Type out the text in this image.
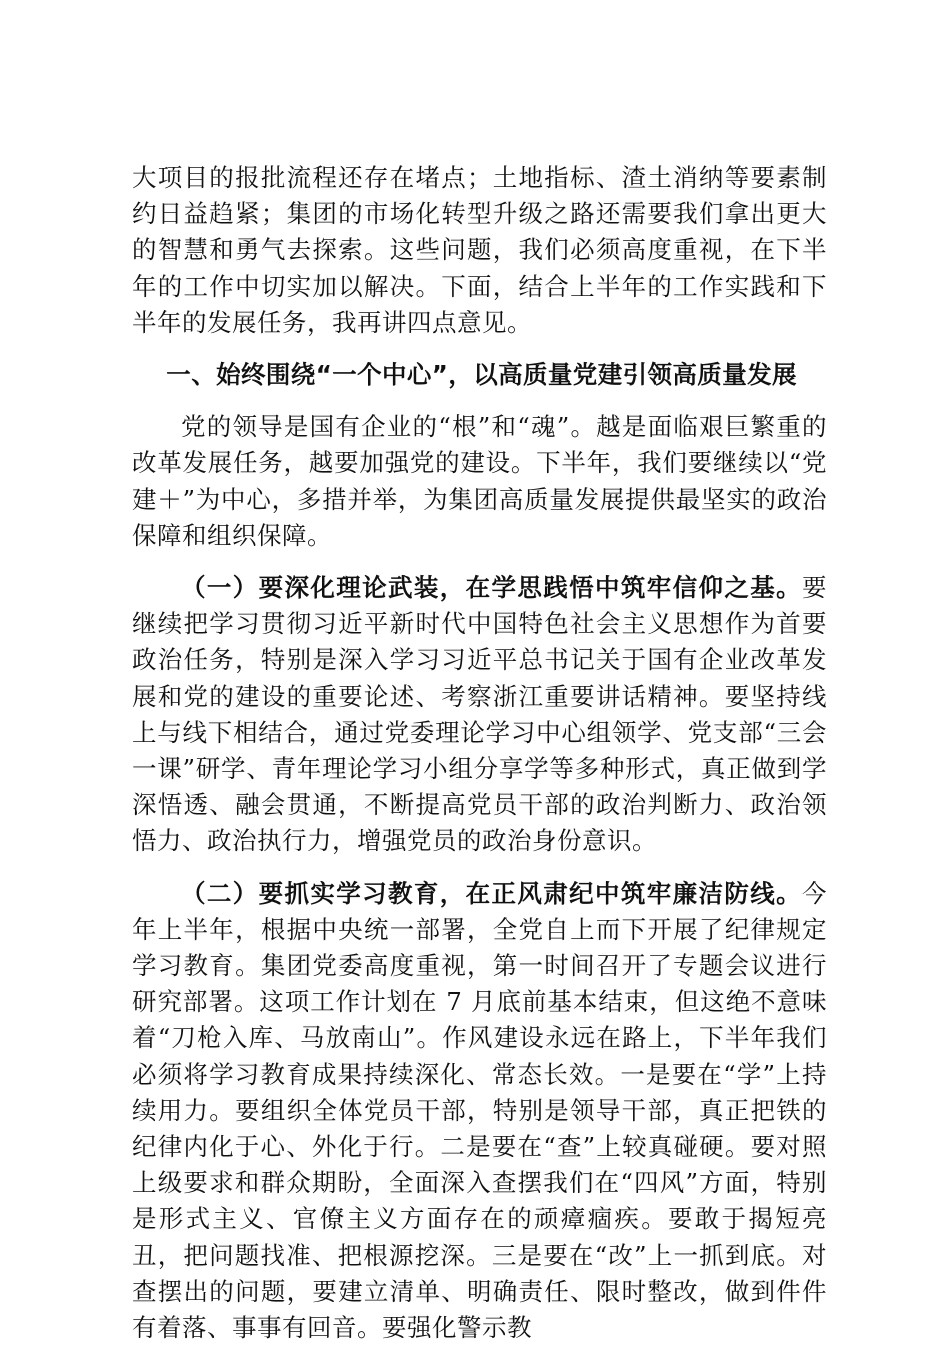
大项目的报批流程还存在堵点；土地指标、渣土消纳等要素制约日益趋紧；集团的市场化转型升级之路还需要我们拿出更大的智慧和勇气去探索。这些问题，我们必须高度重视，在下半年的工作中切实加以解决。下面，结合上半年的工作实践和下半年的发展任务，我再讲四点意见。

一、始终围绕“一个中心”，以高质量党建引领高质量发展

党的领导是国有企业的“根”和“魂”。越是面临艰巨繁重的改革发展任务，越要加强党的建设。下半年，我们要继续以“党建＋”为中心，多措并举，为集团高质量发展提供最坚实的政治保障和组织保障。

（一）要深化理论武装，在学思践悟中筑牢信仰之基。要继续把学习贯彻习近平新时代中国特色社会主义思想作为首要政治任务，特别是深入学习习近平总书记关于国有企业改革发展和党的建设的重要论述、考察浙江重要讲话精神。要坚持线上与线下相结合，通过党委理论学习中心组领学、党支部“三会一课”研学、青年理论学习小组分享学等多种形式，真正做到学深悟透、融会贯通，不断提高党员干部的政治判断力、政治领悟力、政治执行力，增强党员的政治身份意识。

（二）要抓实学习教育，在正风肃纪中筑牢廉洁防线。今年上半年，根据中央统一部署，全党自上而下开展了纪律规定学习教育。集团党委高度重视，第一时间召开了专题会议进行研究部署。这项工作计划在 7 月底前基本结束，但这绝不意味着“刀枪入库、马放南山”。作风建设永远在路上，下半年我们必须将学习教育成果持续深化、常态长效。一是要在“学”上持续用力。要组织全体党员干部，特别是领导干部，真正把铁的纪律内化于心、外化于行。二是要在“查”上较真碰硬。要对照上级要求和群众期盼，全面深入查摆我们在“四风”方面，特别是形式主义、官僚主义方面存在的顽瘴痼疾。要敢于揭短亮丑，把问题找准、把根源挖深。三是要在“改”上一抓到底。对查摆出的问题，要建立清单、明确责任、限时整改，做到件件有着落、事事有回音。要强化警示教
